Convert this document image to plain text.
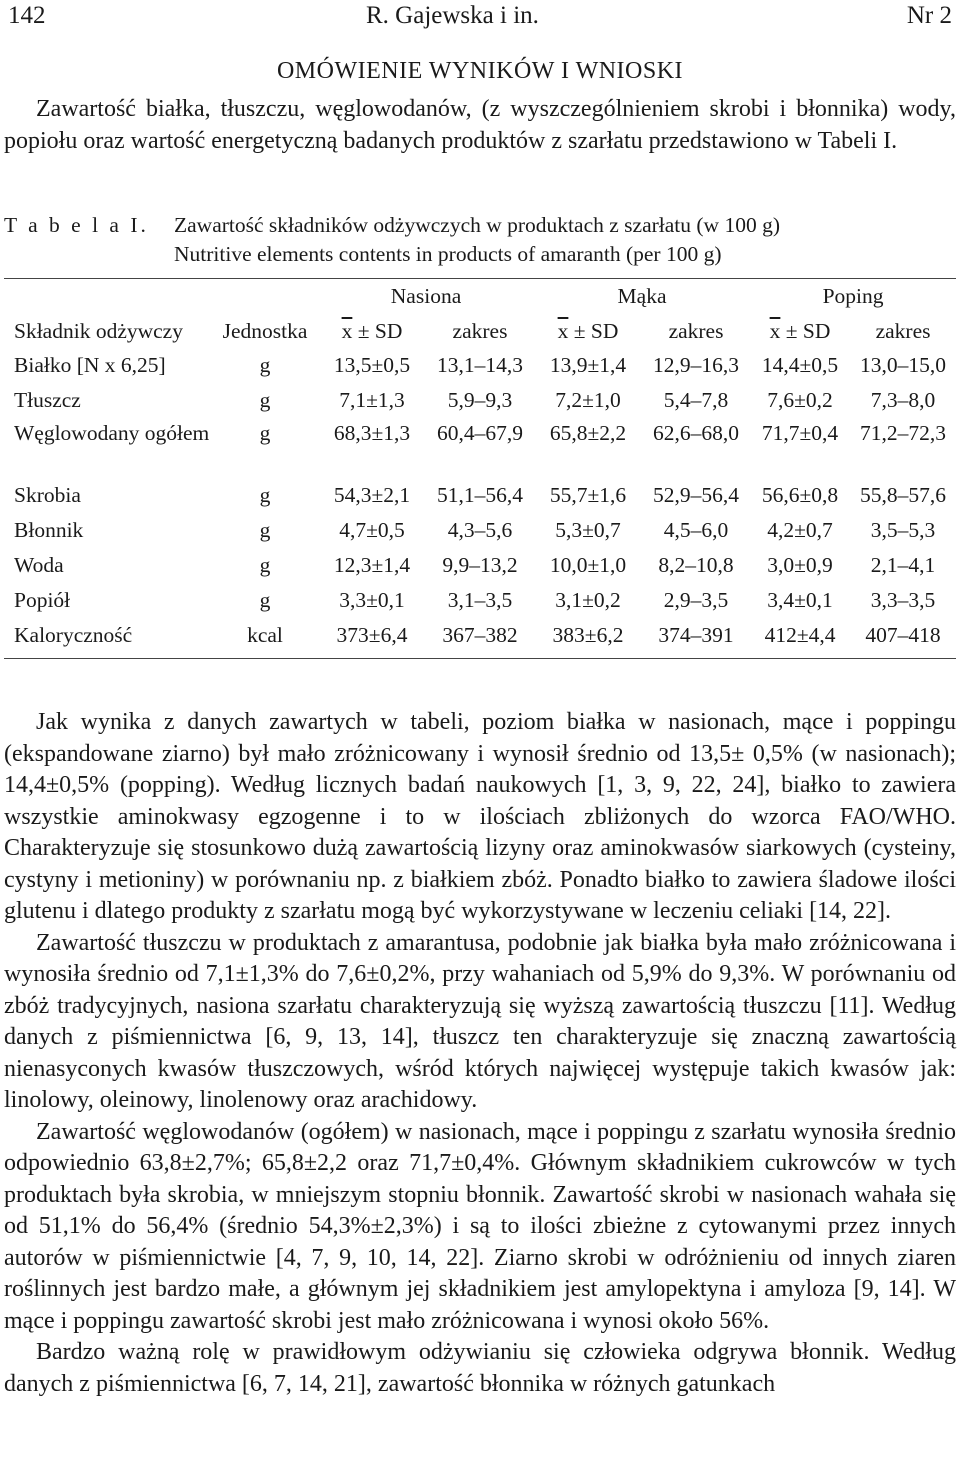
142	R. Gajewska i in.	Nr 2
OMÓWIENIE WYNIKÓW I WNIOSKI
Zawartość białka, tłuszczu, węglowodanów, (z wyszczególnieniem skrobi i błonnika) wody, popiołu oraz wartość energetyczną badanych produktów z szarłatu przedstawiono w Tabeli I.
T a b e l a I. Zawartość składników odżywczych w produktach z szarłatu (w 100 g)
Nutritive elements contents in products of amaranth (per 100 g)
		Nasiona		Mąka		Poping	
Składnik odżywczy	Jednostka	$\overline{x}$ ± SD	zakres	$\overline{x}$ ± SD	zakres	$\overline{x}$ ± SD	zakres
Białko [N x 6,25]	g	13,5±0,5	13,1–14,3	13,9±1,4	12,9–16,3	14,4±0,5	13,0–15,0
Tłuszcz	g	7,1±1,3	5,9–9,3	7,2±1,0	5,4–7,8	7,6±0,2	7,3–8,0
Węglowodany ogółem	g	68,3±1,3	60,4–67,9	65,8±2,2	62,6–68,0	71,7±0,4	71,2–72,3
Skrobia	g	54,3±2,1	51,1–56,4	55,7±1,6	52,9–56,4	56,6±0,8	55,8–57,6
Błonnik	g	4,7±0,5	4,3–5,6	5,3±0,7	4,5–6,0	4,2±0,7	3,5–5,3
Woda	g	12,3±1,4	9,9–13,2	10,0±1,0	8,2–10,8	3,0±0,9	2,1–4,1
Popiół	g	3,3±0,1	3,1–3,5	3,1±0,2	2,9–3,5	3,4±0,1	3,3–3,5
Kaloryczność	kcal	373±6,4	367–382	383±6,2	374–391	412±4,4	407–418

Jak wynika z danych zawartych w tabeli, poziom białka w nasionach, mące i poppingu (ekspandowane ziarno) był mało zróżnicowany i wynosił średnio od 13,5± 0,5% (w nasionach); 14,4±0,5% (popping). Według licznych badań naukowych [1, 3, 9, 22, 24], białko to zawiera wszystkie aminokwasy egzogenne i to w ilościach zbliżonych do wzorca FAO/WHO. Charakteryzuje się stosunkowo dużą zawartością lizyny oraz aminokwasów siarkowych (cysteiny, cystyny i metioniny) w porównaniu np. z białkiem zbóż. Ponadto białko to zawiera śladowe ilości glutenu i dlatego produkty z szarłatu mogą być wykorzystywane w leczeniu celiaki [14, 22].

Zawartość tłuszczu w produktach z amarantusa, podobnie jak białka była mało zróżnicowana i wynosiła średnio od 7,1±1,3% do 7,6±0,2%, przy wahaniach od 5,9% do 9,3%. W porównaniu od zbóż tradycyjnych, nasiona szarłatu charakteryzują się wyższą zawartością tłuszczu [11]. Według danych z piśmiennictwa [6, 9, 13, 14], tłuszcz ten charakteryzuje się znaczną zawartością nienasyconych kwasów tłuszczowych, wśród których najwięcej występuje takich kwasów jak: linolowy, oleinowy, linolenowy oraz arachidowy.

Zawartość węglowodanów (ogółem) w nasionach, mące i poppingu z szarłatu wynosiła średnio odpowiednio 63,8±2,7%; 65,8±2,2 oraz 71,7±0,4%. Głównym składnikiem cukrowców w tych produktach była skrobia, w mniejszym stopniu błonnik. Zawartość skrobi w nasionach wahała się od 51,1% do 56,4% (średnio 54,3%±2,3%) i są to ilości zbieżne z cytowanymi przez innych autorów w piśmiennictwie [4, 7, 9, 10, 14, 22]. Ziarno skrobi w odróżnieniu od innych ziaren roślinnych jest bardzo małe, a głównym jej składnikiem jest amylopektyna i amyloza [9, 14]. W mące i poppingu zawartość skrobi jest mało zróżnicowana i wynosi około 56%.

Bardzo ważną rolę w prawidłowym odżywianiu się człowieka odgrywa błonnik. Według danych z piśmiennictwa [6, 7, 14, 21], zawartość błonnika w różnych gatunkach
